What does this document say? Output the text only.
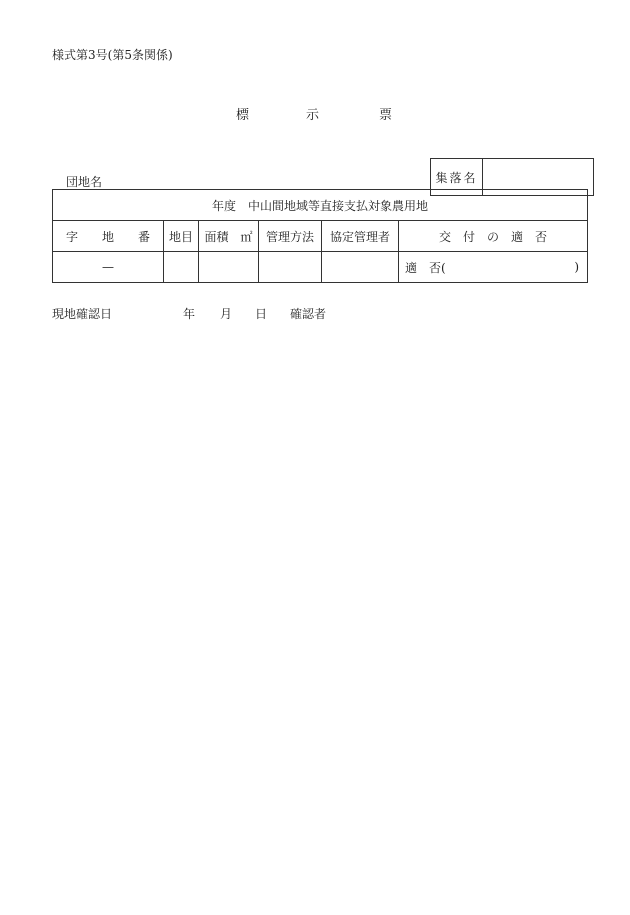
様式第3号(第5条関係)
標	示	票
団地名	集落名	
年度　中山間地域等直接支払対象農用地						
字　　地　　番	地目	面積　㎡	管理方法	協定管理者	交　付　の　適　否	
—					適　否(	)
現地確認日	年 月 日 確認者
